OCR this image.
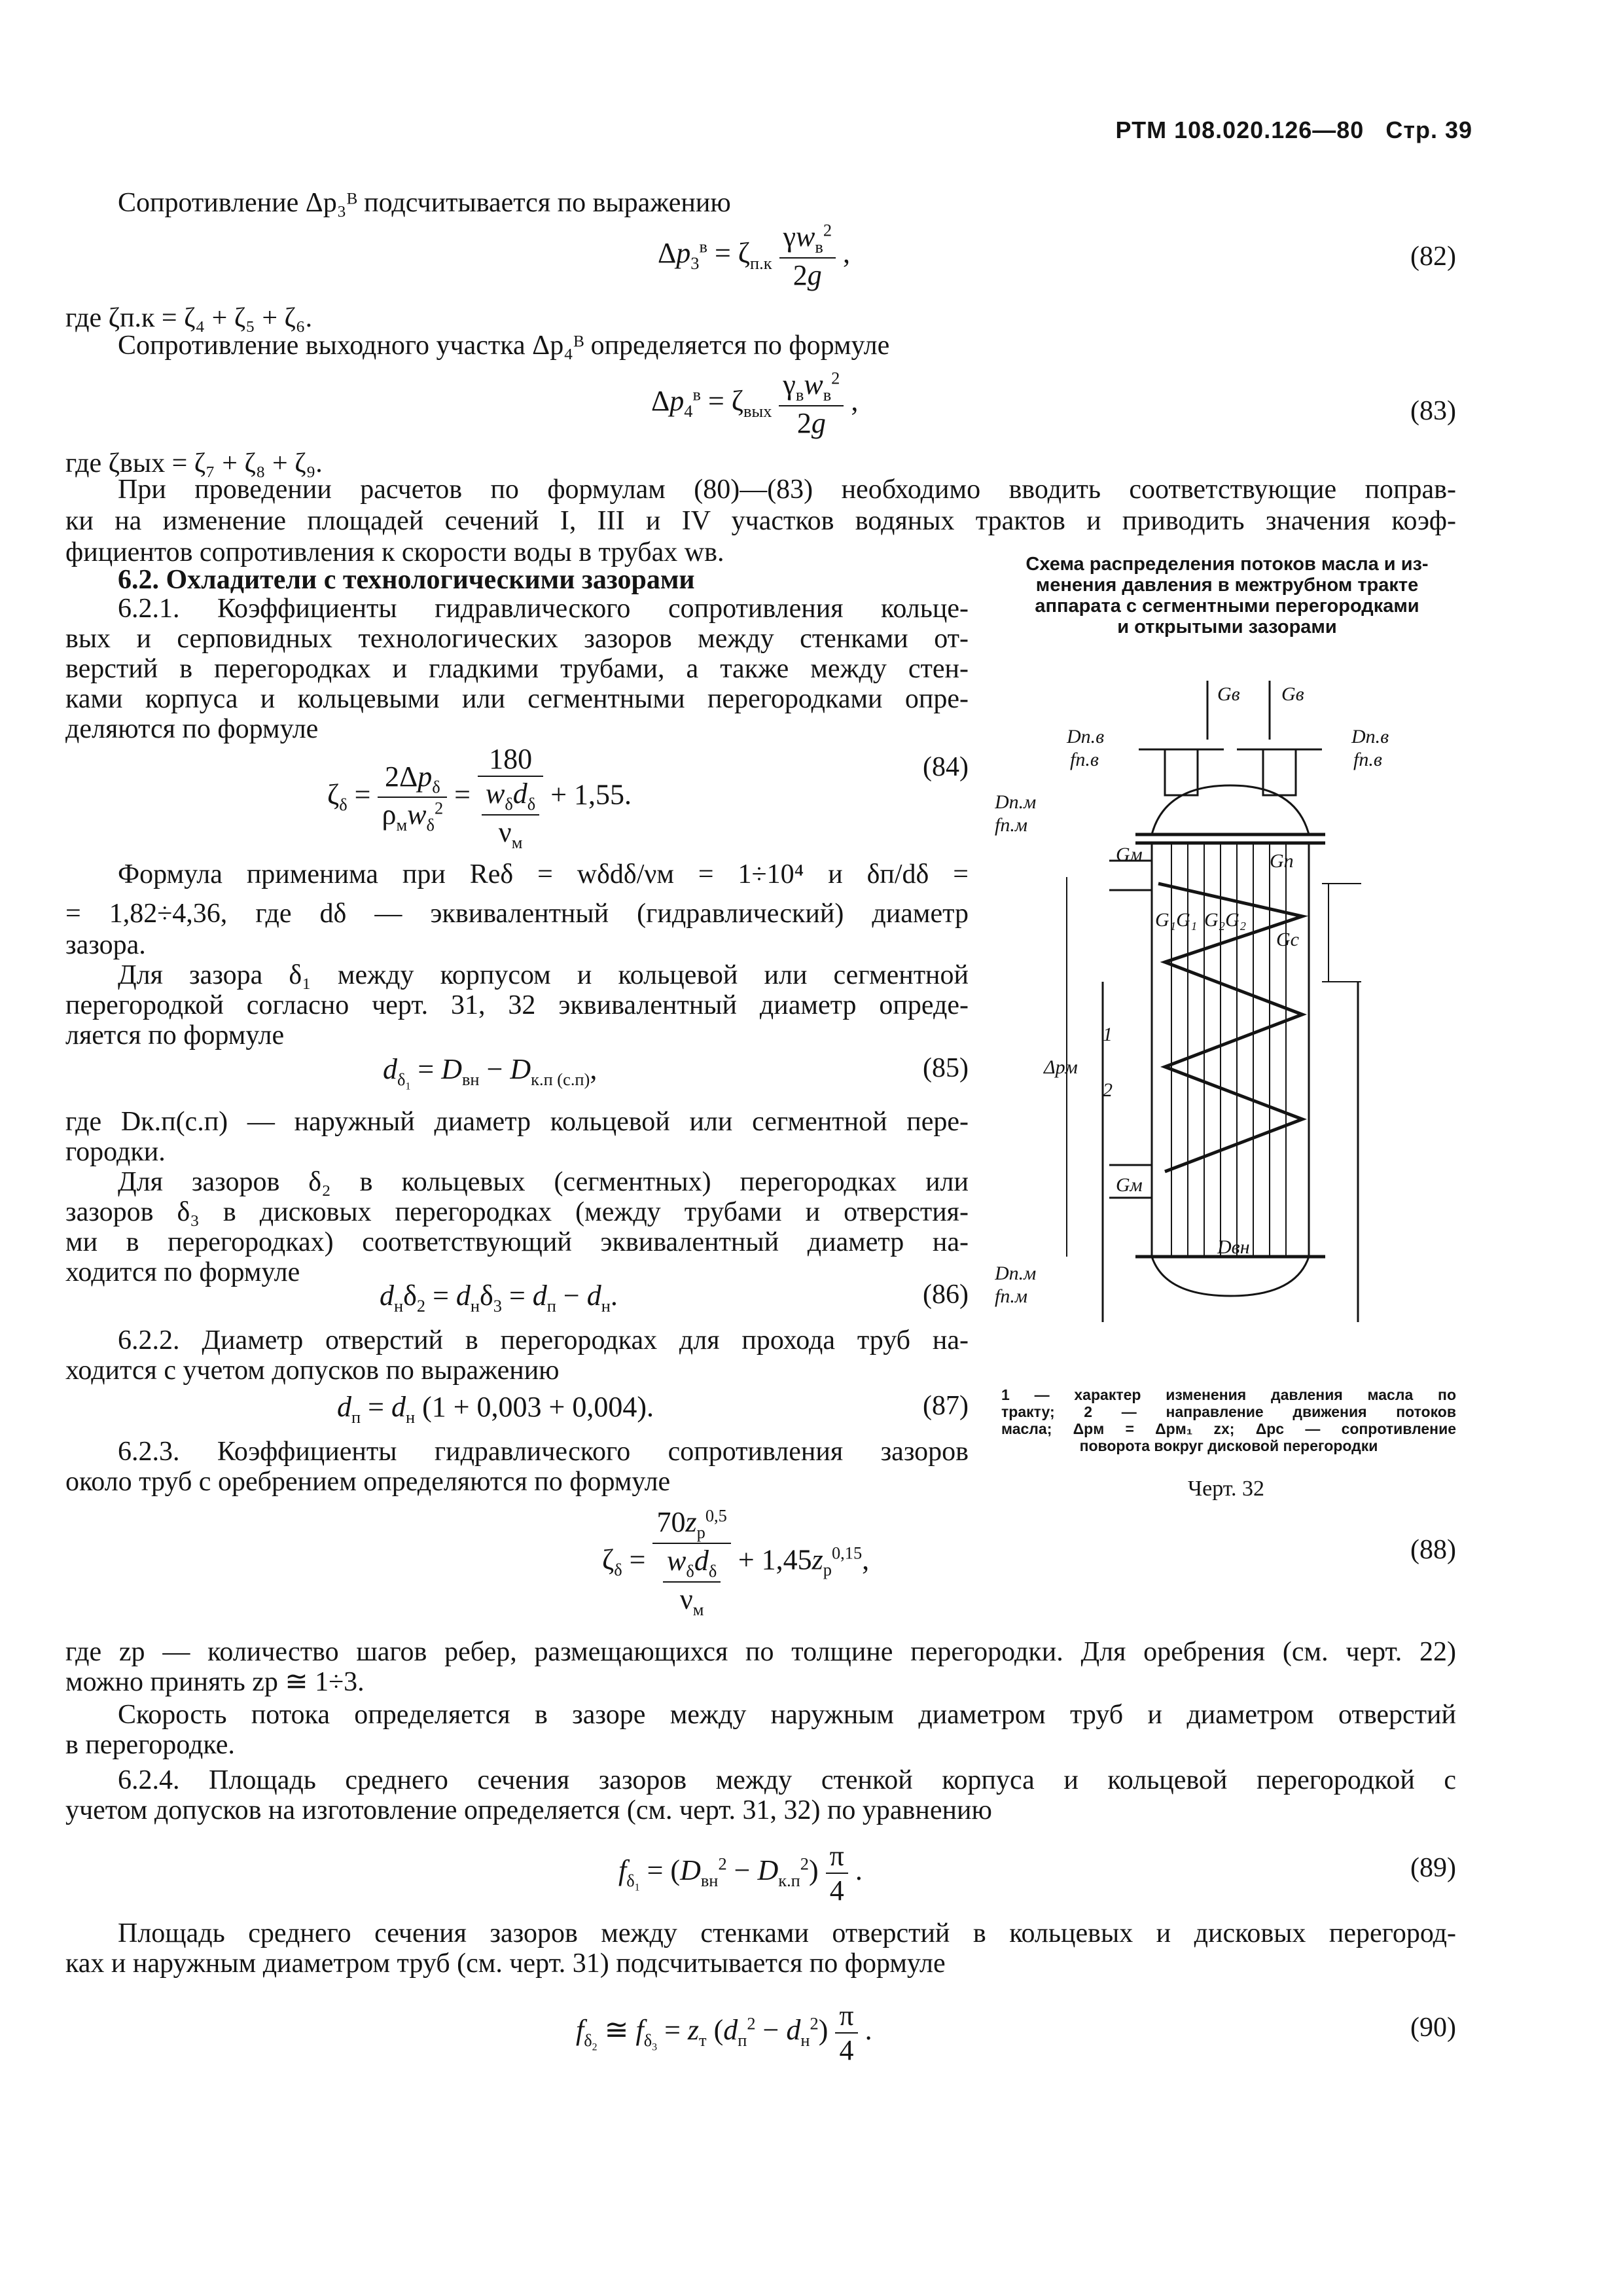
РТМ 108.020.126—80 Стр. 39
Сопротивление Δp₃ᴮ подсчитывается по выражению
$\Delta p_3^в = \zeta_{п.к} \frac{\gamma w_в^2}{2g}$ ,	(82)
где ζп.к = ζ₄ + ζ₅ + ζ₆.
Сопротивление выходного участка Δp₄ᴮ определяется по формуле
$\Delta p_4^в = \zeta_{вых} \frac{\gamma_вw_в^2}{2g}$ ,	(83)
где ζвых = ζ₇ + ζ₈ + ζ₉.
При проведении расчетов по формулам (80)—(83) необходимо вводить соответствующие поправ-
ки на изменение площадей сечений I, III и IV участков водяных трактов и приводить значения коэф-
фициентов сопротивления к скорости воды в трубах wв.
6.2. Охладители с технологическими зазорами
6.2.1. Коэффициенты гидравлического сопротивления кольце-
вых и серповидных технологических зазоров между стенками от-
верстий в перегородках и гладкими трубами, а также между стен-
ками корпуса и кольцевыми или сегментными перегородками опре-
деляются по формуле
$\zeta_\delta = \frac{2\Delta p_\delta}{\rho_мw_\delta^2} = \frac{180}{\frac{w_\delta d_\delta}{\nu_м}} + 1,55$.
(84)
Формула применима при Reδ = wδdδ/νм = 1÷10⁴ и δп/dδ =
= 1,82÷4,36, где dδ — эквивалентный (гидравлический) диаметр
зазора.
Для зазора δ₁ между корпусом и кольцевой или сегментной
перегородкой согласно черт. 31, 32 эквивалентный диаметр опреде-
ляется по формуле
$d_{\delta_1} = D_{вн} - D_{к.п (с.п)}$,	(85)
где Dк.п(с.п) — наружный диаметр кольцевой или сегментной пере-
городки.
Для зазоров δ₂ в кольцевых (сегментных) перегородках или
зазоров δ₃ в дисковых перегородках (между трубами и отверстия-
ми в перегородках) соответствующий эквивалентный диаметр на-
ходится по формуле
$d_н\delta_2 = d_н\delta_3 = d_п - d_н$.	(86)
6.2.2. Диаметр отверстий в перегородках для прохода труб на-
ходится с учетом допусков по выражению
$d_п = d_н$ (1 + 0,003 + 0,004).	(87)
6.2.3. Коэффициенты гидравлического сопротивления зазоров
около труб с оребрением определяются по формуле
$\zeta_\delta = \frac{70z_р^{0,5}}{\frac{w_\delta d_\delta}{\nu_м}} + 1,45z_р^{0,15}$,	(88)
где zр — количество шагов ребер, размещающихся по толщине перегородки. Для оребрения (см. черт. 22)
можно принять zр ≅ 1÷3.
Скорость потока определяется в зазоре между наружным диаметром труб и диаметром отверстий
в перегородке.
6.2.4. Площадь среднего сечения зазоров между стенкой корпуса и кольцевой перегородкой с
учетом допусков на изготовление определяется (см. черт. 31, 32) по уравнению
$f_{\delta_1} = (D_{вн}^2 - D_{к.п}^2) \frac{\pi}{4}$ .	(89)
Площадь среднего сечения зазоров между стенками отверстий в кольцевых и дисковых перегород-
ках и наружным диаметром труб (см. черт. 31) подсчитывается по формуле
$f_{\delta_2}$ ≅ $f_{\delta_3} = z_т$ $(d_п^2 - d_н^2) \frac{\pi}{4}$ .	(90)
Схема распределения потоков масла и из-
менения давления в межтрубном тракте
аппарата с сегментными перегородками
и открытыми зазорами
Gв Gв
Dп.в
fп.в
Dп.в
fп.в
Dп.м
fп.м
Gм	Gп
G₁G₁ G₂G₂
Gс
Δpм
1
2
Gм
Dвн
Dп.м
fп.м
1 — характер изменения давления масла по
тракту; 2 — направление движения потоков
масла; Δpм = Δpм₁ zх; Δpс — сопротивление
поворота вокруг дисковой перегородки
Черт. 32
